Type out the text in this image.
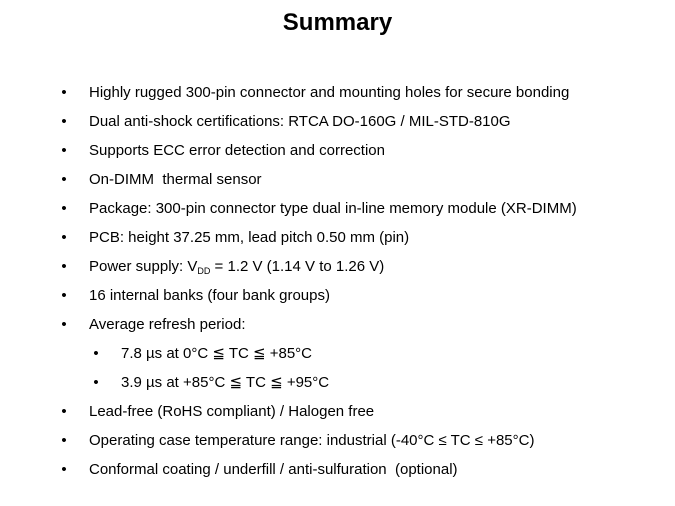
Summary
• Highly rugged 300-pin connector and mounting holes for secure bonding
• Dual anti-shock certifications: RTCA DO-160G / MIL-STD-810G
• Supports ECC error detection and correction
• On-DIMM  thermal sensor
• Package: 300-pin connector type dual in-line memory module (XR-DIMM)
• PCB: height 37.25 mm, lead pitch 0.50 mm (pin)
• Power supply: $V_{DD} = 1.2$ V (1.14 V to 1.26 V)
• 16 internal banks (four bank groups)
• Average refresh period:
• 7.8 µs at 0°C ≦ TC ≦ +85°C
• 3.9 µs at +85°C ≦ TC ≦ +95°C
• Lead-free (RoHS compliant) / Halogen free
• Operating case temperature range: industrial (-40°C ≤ TC ≤ +85°C)
• Conformal coating / underfill / anti-sulfuration  (optional)
